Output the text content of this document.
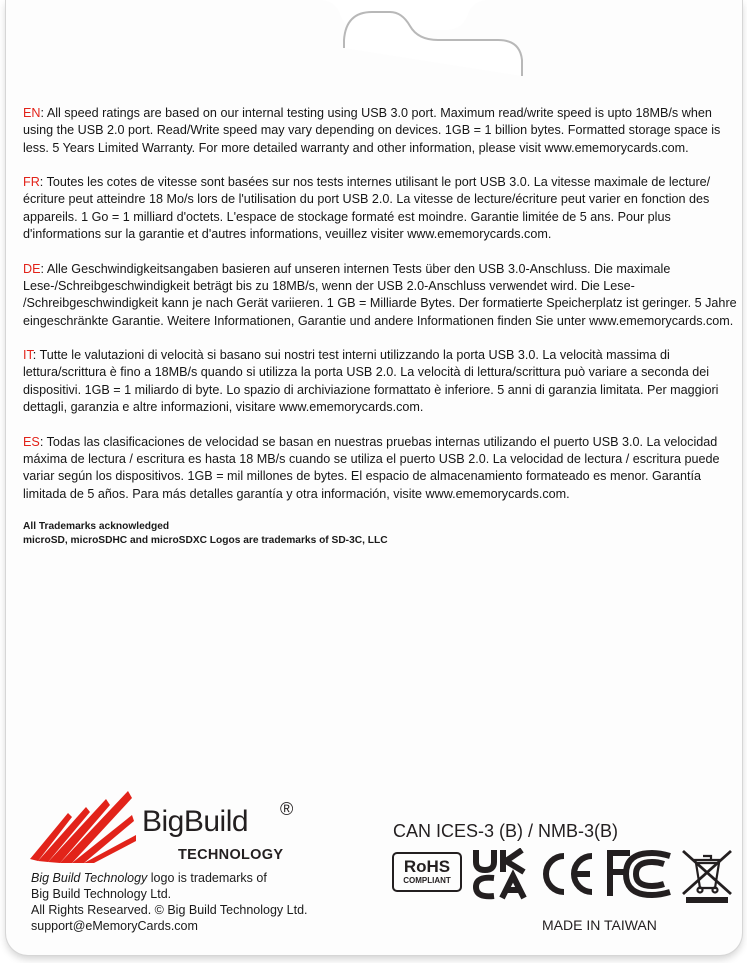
EN: All speed ratings are based on our internal testing using USB 3.0 port. Maximum read/write speed is upto 18MB/s when using the USB 2.0 port. Read/Write speed may vary depending on devices. 1GB = 1 billion bytes. Formatted storage space is less. 5 Years Limited Warranty. For more detailed warranty and other information, please visit www.ememorycards.com.

FR: Toutes les cotes de vitesse sont basées sur nos tests internes utilisant le port USB 3.0. La vitesse maximale de lecture/écriture peut atteindre 18 Mo/s lors de l'utilisation du port USB 2.0. La vitesse de lecture/écriture peut varier en fonction des appareils. 1 Go = 1 milliard d'octets. L'espace de stockage formaté est moindre. Garantie limitée de 5 ans. Pour plus d'informations sur la garantie et d'autres informations, veuillez visiter www.ememorycards.com.

DE: Alle Geschwindigkeitsangaben basieren auf unseren internen Tests über den USB 3.0-Anschluss. Die maximale Lese-/Schreibgeschwindigkeit beträgt bis zu 18MB/s, wenn der USB 2.0-Anschluss verwendet wird. Die Lese- /Schreibgeschwindigkeit kann je nach Gerät variieren. 1 GB = Milliarde Bytes. Der formatierte Speicherplatz ist geringer. 5 Jahre eingeschränkte Garantie. Weitere Informationen, Garantie und andere Informationen finden Sie unter www.ememorycards.com.

IT: Tutte le valutazioni di velocità si basano sui nostri test interni utilizzando la porta USB 3.0. La velocità massima di lettura/scrittura è fino a 18MB/s quando si utilizza la porta USB 2.0. La velocità di lettura/scrittura può variare a seconda dei dispositivi. 1GB = 1 miliardo di byte. Lo spazio di archiviazione formattato è inferiore. 5 anni di garanzia limitata. Per maggiori dettagli, garanzia e altre informazioni, visitare www.ememorycards.com.

ES: Todas las clasificaciones de velocidad se basan en nuestras pruebas internas utilizando el puerto USB 3.0. La velocidad máxima de lectura / escritura es hasta 18 MB/s cuando se utiliza el puerto USB 2.0. La velocidad de lectura / escritura puede variar según los dispositivos. 1GB = mil millones de bytes. El espacio de almacenamiento formateado es menor. Garantía limitada de 5 años. Para más detalles garantía y otra información, visite www.ememorycards.com.

All Trademarks acknowledged
microSD, microSDHC and microSDXC Logos are trademarks of SD-3C, LLC
BigBuild ®
TECHNOLOGY
Big Build Technology logo is trademarks of
Big Build Technology Ltd.
All Rights Researved. © Big Build Technology Ltd.
support@eMemoryCards.com
CAN ICES-3 (B) / NMB-3(B)
RoHS
COMPLIANT
MADE IN TAIWAN
